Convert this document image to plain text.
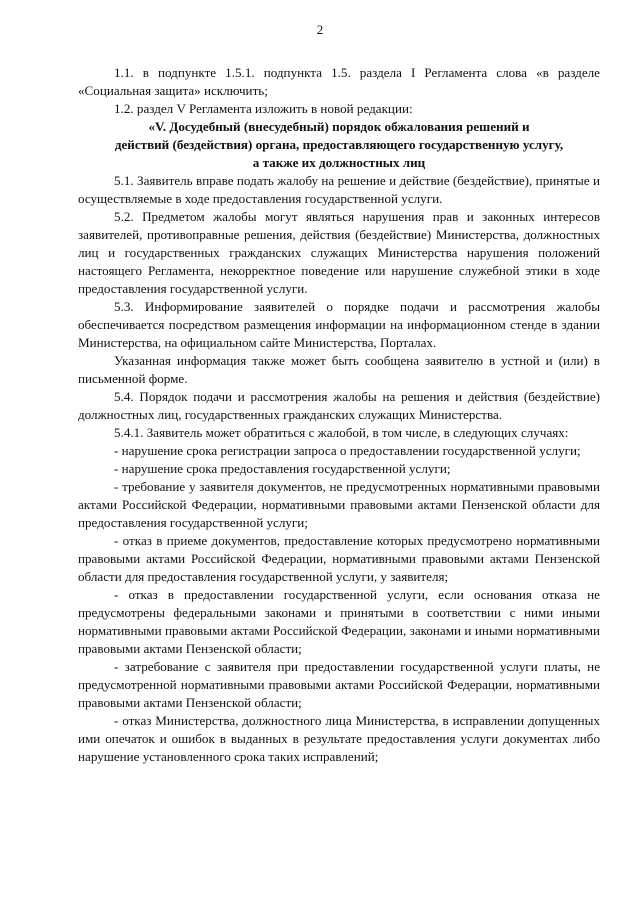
2

1.1. в подпункте 1.5.1. подпункта 1.5. раздела I Регламента слова «в разделе «Социальная защита» исключить;

1.2. раздел V Регламента изложить в новой редакции:

«V. Досудебный (внесудебный) порядок обжалования решений и
действий (бездействия) органа, предоставляющего государственную услугу,
а также их должностных лиц

5.1. Заявитель вправе подать жалобу на решение и действие (бездействие), принятые и осуществляемые в ходе предоставления государственной услуги.

5.2. Предметом жалобы могут являться нарушения прав и законных интересов заявителей, противоправные решения, действия (бездействие) Министерства, должностных лиц и государственных гражданских служащих Министерства нарушения положений настоящего Регламента, некорректное поведение или нарушение служебной этики в ходе предоставления государственной услуги.

5.3. Информирование заявителей о порядке подачи и рассмотрения жалобы обеспечивается посредством размещения информации на информационном стенде в здании Министерства, на официальном сайте Министерства, Порталах.

Указанная информация также может быть сообщена заявителю в устной и (или) в письменной форме.

5.4. Порядок подачи и рассмотрения жалобы на решения и действия (бездействие) должностных лиц, государственных гражданских служащих Министерства.

5.4.1. Заявитель может обратиться с жалобой, в том числе, в следующих случаях:

- нарушение срока регистрации запроса о предоставлении государственной услуги;

- нарушение срока предоставления государственной услуги;

- требование у заявителя документов, не предусмотренных нормативными правовыми актами Российской Федерации, нормативными правовыми актами Пензенской области для предоставления государственной услуги;

- отказ в приеме документов, предоставление которых предусмотрено нормативными правовыми актами Российской Федерации, нормативными правовыми актами Пензенской области для предоставления государственной услуги, у заявителя;

- отказ в предоставлении государственной услуги, если основания отказа не предусмотрены федеральными законами и принятыми в соответствии с ними иными нормативными правовыми актами Российской Федерации, законами и иными нормативными правовыми актами Пензенской области;

- затребование с заявителя при предоставлении государственной услуги платы, не предусмотренной нормативными правовыми актами Российской Федерации, нормативными правовыми актами Пензенской области;

- отказ Министерства, должностного лица Министерства, в исправлении допущенных ими опечаток и ошибок в выданных в результате предоставления услуги документах либо нарушение установленного срока таких исправлений;
